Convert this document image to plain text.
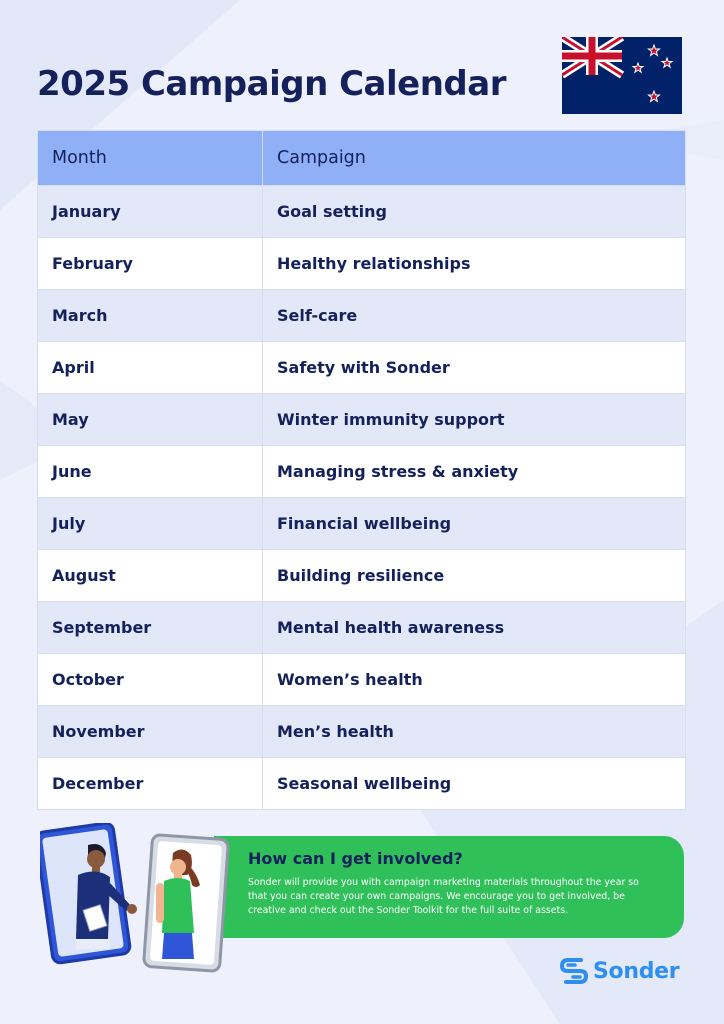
2025 Campaign Calendar
Month	Campaign
January	Goal setting
February	Healthy relationships
March	Self-care
April	Safety with Sonder
May	Winter immunity support
June	Managing stress & anxiety
July	Financial wellbeing
August	Building resilience
September	Mental health awareness
October	Women’s health
November	Men’s health
December	Seasonal wellbeing
How can I get involved?

Sonder will provide you with campaign marketing materials throughout the year so that you can create your own campaigns. We encourage you to get involved, be creative and check out the Sonder Toolkit for the full suite of assets.

Sonder
